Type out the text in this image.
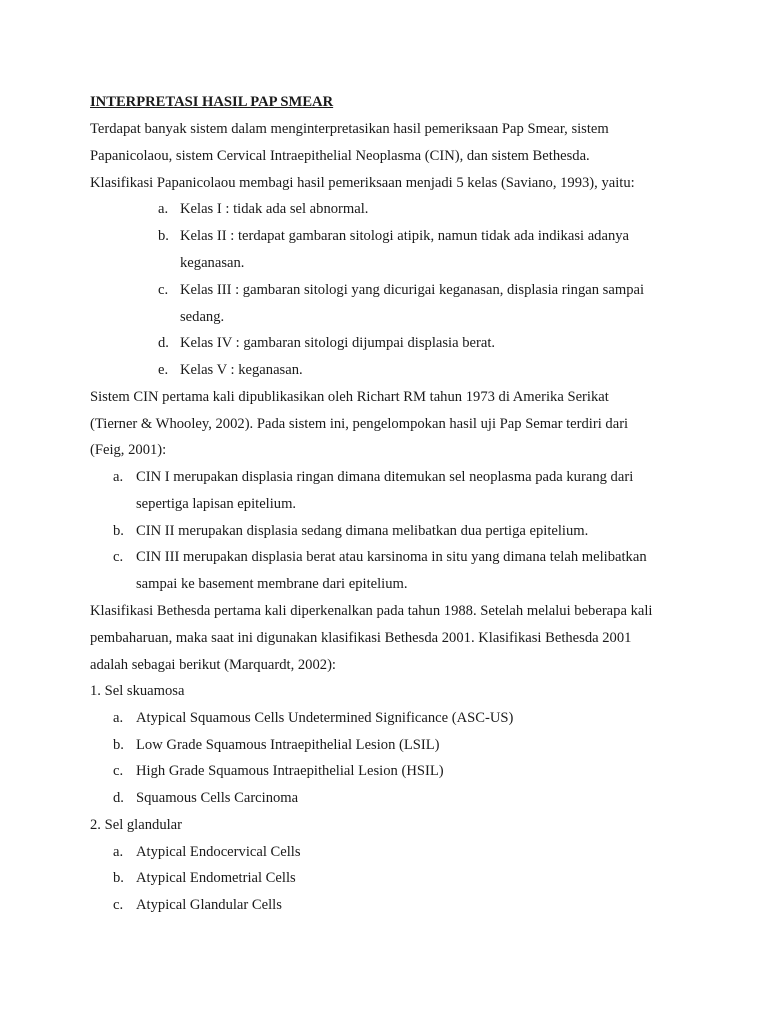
INTERPRETASI HASIL PAP SMEAR
Terdapat banyak sistem dalam menginterpretasikan hasil pemeriksaan Pap Smear, sistem
Papanicolaou, sistem Cervical Intraepithelial Neoplasma (CIN), dan sistem Bethesda.
Klasifikasi Papanicolaou membagi hasil pemeriksaan menjadi 5 kelas (Saviano, 1993), yaitu:
a. Kelas I : tidak ada sel abnormal.
b. Kelas II : terdapat gambaran sitologi atipik, namun tidak ada indikasi adanya
keganasan.
c. Kelas III : gambaran sitologi yang dicurigai keganasan, displasia ringan sampai
sedang.
d. Kelas IV : gambaran sitologi dijumpai displasia berat.
e. Kelas V : keganasan.
Sistem CIN pertama kali dipublikasikan oleh Richart RM tahun 1973 di Amerika Serikat
(Tierner & Whooley, 2002). Pada sistem ini, pengelompokan hasil uji Pap Semar terdiri dari
(Feig, 2001):
a. CIN I merupakan displasia ringan dimana ditemukan sel neoplasma pada kurang dari
sepertiga lapisan epitelium.
b. CIN II merupakan displasia sedang dimana melibatkan dua pertiga epitelium.
c. CIN III merupakan displasia berat atau karsinoma in situ yang dimana telah melibatkan
sampai ke basement membrane dari epitelium.
Klasifikasi Bethesda pertama kali diperkenalkan pada tahun 1988. Setelah melalui beberapa kali
pembaharuan, maka saat ini digunakan klasifikasi Bethesda 2001. Klasifikasi Bethesda 2001
adalah sebagai berikut (Marquardt, 2002):
1. Sel skuamosa
a. Atypical Squamous Cells Undetermined Significance (ASC-US)
b. Low Grade Squamous Intraepithelial Lesion (LSIL)
c. High Grade Squamous Intraepithelial Lesion (HSIL)
d. Squamous Cells Carcinoma
2. Sel glandular
a. Atypical Endocervical Cells
b. Atypical Endometrial Cells
c. Atypical Glandular Cells
